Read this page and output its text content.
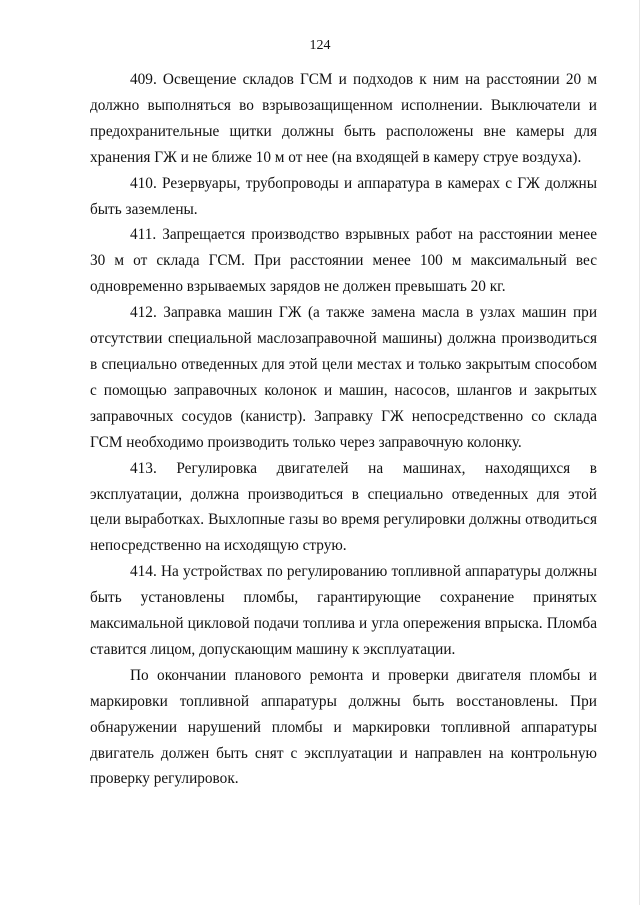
124

409. Освещение складов ГСМ и подходов к ним на расстоянии 20 м должно выполняться во взрывозащищенном исполнении. Выключатели и предохранительные щитки должны быть расположены вне камеры для хранения ГЖ и не ближе 10 м от нее (на входящей в камеру струе воздуха).

410. Резервуары, трубопроводы и аппаратура в камерах с ГЖ должны быть заземлены.

411. Запрещается производство взрывных работ на расстоянии менее 30 м от склада ГСМ. При расстоянии менее 100 м максимальный вес одновременно взрываемых зарядов не должен превышать 20 кг.

412. Заправка машин ГЖ (а также замена масла в узлах машин при отсутствии специальной маслозаправочной машины) должна производиться в специально отведенных для этой цели местах и только закрытым способом с помощью заправочных колонок и машин, насосов, шлангов и закрытых заправочных сосудов (канистр). Заправку ГЖ непосредственно со склада ГСМ необходимо производить только через заправочную колонку.

413. Регулировка двигателей на машинах, находящихся в эксплуатации, должна производиться в специально отведенных для этой цели выработках. Выхлопные газы во время регулировки должны отводиться непосредственно на исходящую струю.

414. На устройствах по регулированию топливной аппаратуры должны быть установлены пломбы, гарантирующие сохранение принятых максимальной цикловой подачи топлива и угла опережения впрыска. Пломба ставится лицом, допускающим машину к эксплуатации.

По окончании планового ремонта и проверки двигателя пломбы и маркировки топливной аппаратуры должны быть восстановлены. При обнаружении нарушений пломбы и маркировки топливной аппаратуры двигатель должен быть снят с эксплуатации и направлен на контрольную проверку регулировок.
